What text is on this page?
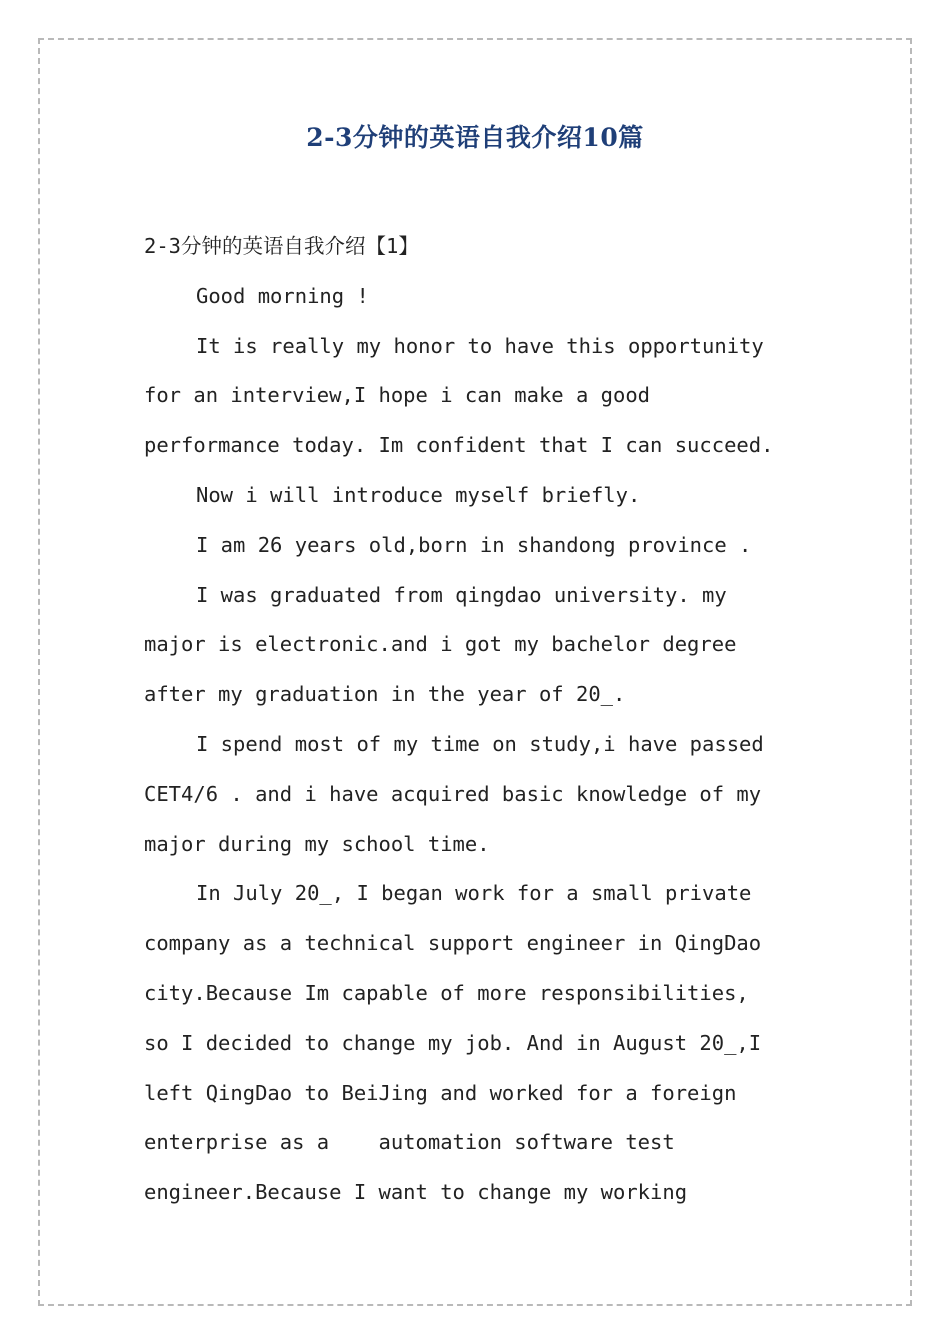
2-3分钟的英语自我介绍10篇

2-3分钟的英语自我介绍【1】

Good morning !

It is really my honor to have this opportunity
for an interview,I hope i can make a good
performance today. Im confident that I can succeed.

Now i will introduce myself briefly.

I am 26 years old,born in shandong province .

I was graduated from qingdao university. my
major is electronic.and i got my bachelor degree
after my graduation in the year of 20_.

I spend most of my time on study,i have passed
CET4/6 . and i have acquired basic knowledge of my
major during my school time.

In July 20_, I began work for a small private
company as a technical support engineer in QingDao
city.Because Im capable of more responsibilities,
so I decided to change my job. And in August 20_,I
left QingDao to BeiJing and worked for a foreign
enterprise as a    automation software test
engineer.Because I want to change my working
